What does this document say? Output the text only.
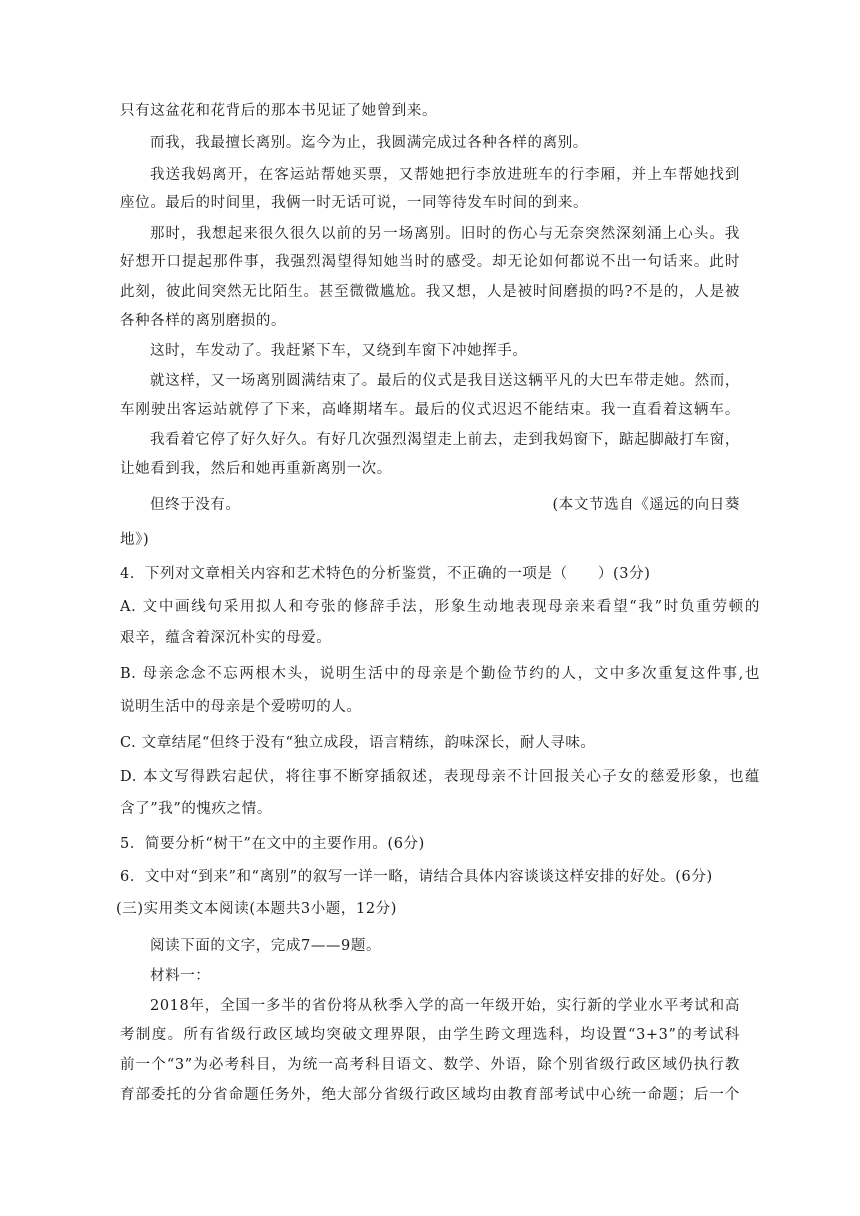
只有这盆花和花背后的那本书见证了她曾到来。
而我，我最擅长离别。迄今为止，我圆满完成过各种各样的离别。
我送我妈离开，在客运站帮她买票，又帮她把行李放进班车的行李厢，并上车帮她找到
座位。最后的时间里，我俩一时无话可说，一同等待发车时间的到来。
那时，我想起来很久很久以前的另一场离别。旧时的伤心与无奈突然深刻涌上心头。我
好想开口提起那件事，我强烈渴望得知她当时的感受。却无论如何都说不出一句话来。此时
此刻，彼此间突然无比陌生。甚至微微尴尬。我又想，人是被时间磨损的吗?不是的，人是被
各种各样的离别磨损的。
这时，车发动了。我赶紧下车，又绕到车窗下冲她挥手。
就这样，又一场离别圆满结束了。最后的仪式是我目送这辆平凡的大巴车带走她。然而，
车刚驶出客运站就停了下来，高峰期堵车。最后的仪式迟迟不能结束。我一直看着这辆车。
我看着它停了好久好久。有好几次强烈渴望走上前去，走到我妈窗下，踮起脚敲打车窗，
让她看到我，然后和她再重新离别一次。
但终于没有。	(本文节选自《遥远的向日葵
地》)
4．下列对文章相关内容和艺术特色的分析鉴赏，不正确的一项是（　　）(3分)
A. 文中画线句采用拟人和夸张的修辞手法，形象生动地表现母亲来看望“我”时负重劳顿的
艰辛，蕴含着深沉朴实的母爱。
B. 母亲念念不忘两根木头，说明生活中的母亲是个勤俭节约的人，文中多次重复这件事,也
说明生活中的母亲是个爱唠叨的人。
C. 文章结尾“但终于没有“独立成段，语言精练，韵味深长，耐人寻味。
D. 本文写得跌宕起伏，将往事不断穿插叙述，表现母亲不计回报关心子女的慈爱形象，也蕴
含了”我”的愧疚之情。
5．简要分析“树干”在文中的主要作用。(6分)
6．文中对“到来”和“离别”的叙写一详一略，请结合具体内容谈谈这样安排的好处。(6分)
(三)实用类文本阅读(本题共3小题，12分)
阅读下面的文字，完成7——9题。
材料一：
2018年，全国一多半的省份将从秋季入学的高一年级开始，实行新的学业水平考试和高
考制度。所有省级行政区域均突破文理界限，由学生跨文理选科，均设置“3+3”的考试科
前一个“3”为必考科目，为统一高考科目语文、数学、外语，除个别省级行政区域仍执行教
育部委托的分省命题任务外，绝大部分省级行政区域均由教育部考试中心统一命题；后一个
